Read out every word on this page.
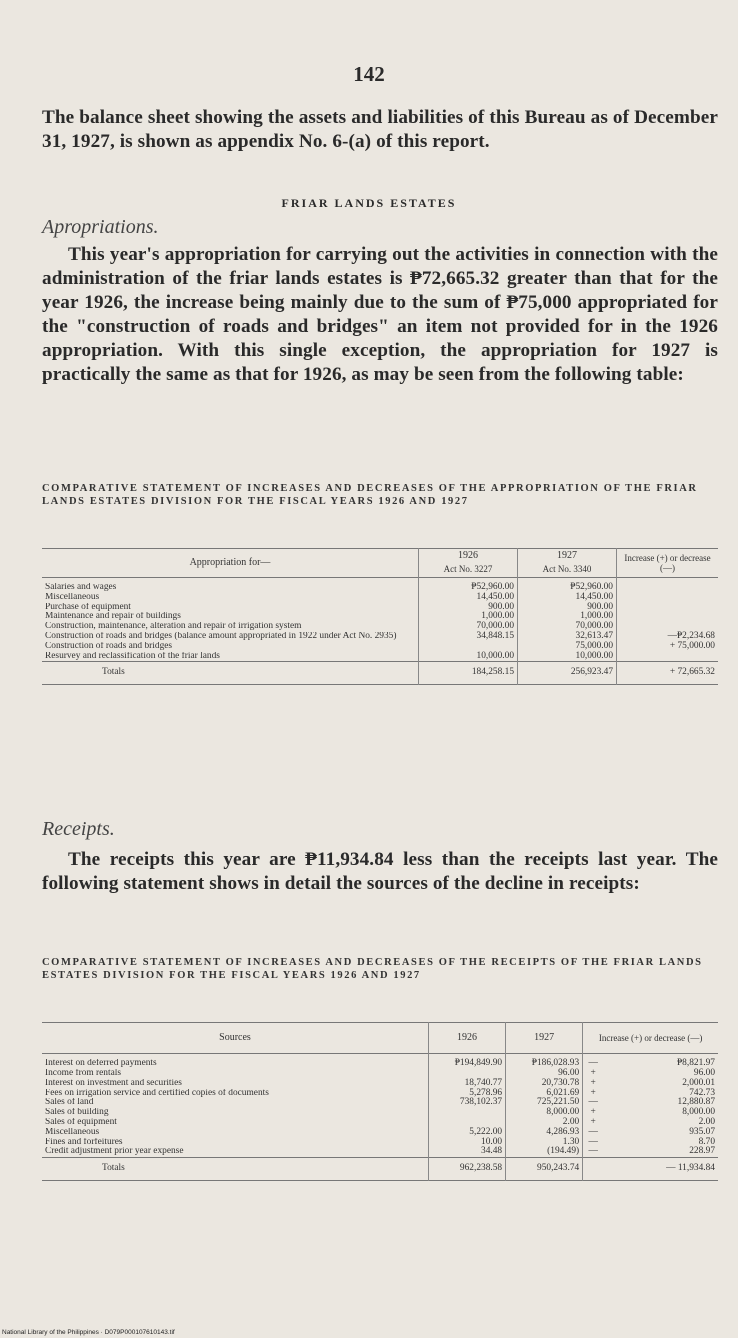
142
The balance sheet showing the assets and liabilities of this Bureau as of December 31, 1927, is shown as appendix No. 6-(a) of this report.
FRIAR LANDS ESTATES
Apropriations.
This year's appropriation for carrying out the activities in connection with the administration of the friar lands estates is ₱72,665.32 greater than that for the year 1926, the increase being mainly due to the sum of ₱75,000 appropriated for the "construction of roads and bridges" an item not provided for in the 1926 appropriation. With this single exception, the appropriation for 1927 is practically the same as that for 1926, as may be seen from the following table:
COMPARATIVE STATEMENT OF INCREASES AND DECREASES OF THE APPROPRIATION OF THE FRIAR LANDS ESTATES DIVISION FOR THE FISCAL YEARS 1926 AND 1927
Appropriation for—	1926	1927	Increase (+) or decrease (—)
	Act No. 3227	Act No. 3340	

Salaries and wages	₱52,960.00	₱52,960.00	
Miscellaneous	14,450.00	14,450.00	
Purchase of equipment	900.00	900.00	
Maintenance and repair of buildings	1,000.00	1,000.00	
Construction, maintenance, alteration and repair of irrigation system	70,000.00	70,000.00	
Construction of roads and bridges (balance amount appropriated in 1922 under Act No. 2935)	34,848.15	32,613.47	—₱2,234.68
Construction of roads and bridges		75,000.00	+ 75,000.00
Resurvey and reclassification of the friar lands	10,000.00	10,000.00	
Totals	184,258.15	256,923.47	+ 72,665.32
Receipts.
The receipts this year are ₱11,934.84 less than the receipts last year. The following statement shows in detail the sources of the decline in receipts:
COMPARATIVE STATEMENT OF INCREASES AND DECREASES OF THE RECEIPTS OF THE FRIAR LANDS ESTATES DIVISION FOR THE FISCAL YEARS 1926 AND 1927
Sources	1926	1927	Increase (+) or decrease (—)	

Interest on deferred payments	₱194,849.90	₱186,028.93	—	₱8,821.97
Income from rentals		96.00	+	96.00
Interest on investment and securities	18,740.77	20,730.78	+	2,000.01
Fees on irrigation service and certified copies of documents	5,278.96	6,021.69	+	742.73
Sales of land	738,102.37	725,221.50	—	12,880.87
Sales of building		8,000.00	+	8,000.00
Sales of equipment		2.00	+	2.00
Miscellaneous	5,222.00	4,286.93	—	935.07
Fines and forfeitures	10.00	1.30	—	8.70
Credit adjustment prior year expense	34.48	(194.49)	—	228.97
Totals	962,238.58	950,243.74	— 11,934.84	
National Library of the Philippines · D079P000107610143.tif
